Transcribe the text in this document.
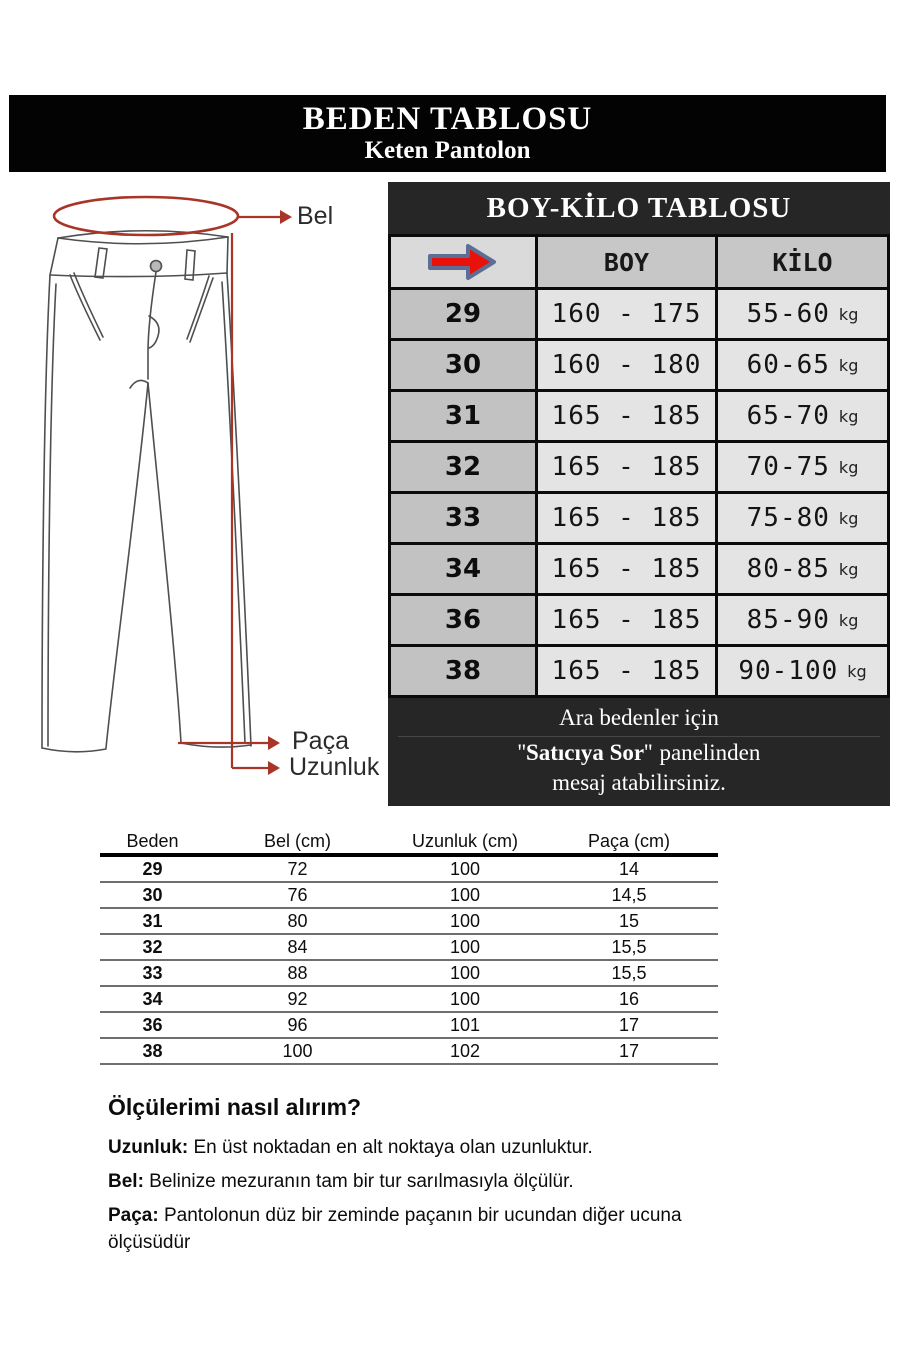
BEDEN TABLOSU
Keten Pantolon
Bel
Paça
Uzunluk
BOY-KİLO TABLOSU
BOY	KİLO
29	160 - 175	55-60 kg
30	160 - 180	60-65 kg
31	165 - 185	65-70 kg
32	165 - 185	70-75 kg
33	165 - 185	75-80 kg
34	165 - 185	80-85 kg
36	165 - 185	85-90 kg
38	165 - 185	90-100 kg
Ara bedenler için
''Satıcıya Sor'' panelinden
mesaj atabilirsiniz.
Beden	Bel (cm)	Uzunluk (cm)	Paça (cm)
29	72	100	14
30	76	100	14,5
31	80	100	15
32	84	100	15,5
33	88	100	15,5
34	92	100	16
36	96	101	17
38	100	102	17
Ölçülerimi nasıl alırım?

Uzunluk: En üst noktadan en alt noktaya olan uzunluktur.

Bel: Belinize mezuranın tam bir tur sarılmasıyla ölçülür.

Paça: Pantolonun düz bir zeminde paçanın bir ucundan diğer ucuna ölçüsüdür
